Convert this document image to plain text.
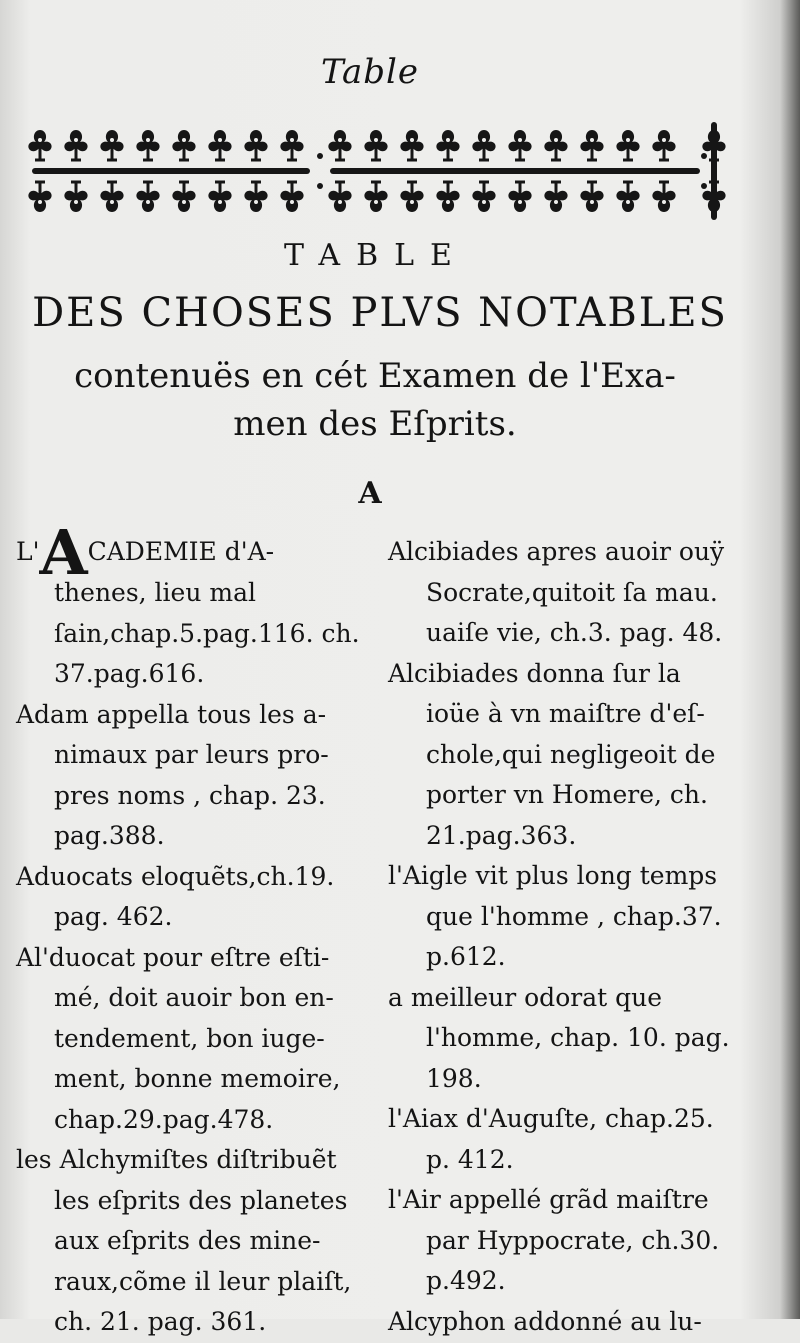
Table
TABLE
DES CHOSES PLVS NOTABLES
contenuës en cét Examen de l'Exa-
men des Eſprits.
A

L'ACADEMIE d'A-
thenes, lieu mal
ſain,chap.5.pag.116. ch.
37.pag.616.

Adam appella tous les a-
nimaux par leurs pro-
pres noms , chap. 23.
pag.388.

Aduocats eloquẽts,ch.19.
pag. 462.

Al'duocat pour eſtre eſti-
mé, doit auoir bon en-
tendement, bon iuge-
ment, bonne memoire,
chap.29.pag.478.

les Alchymiſtes diſtribuẽt
les eſprits des planetes
aux eſprits des mine-
raux,cõme il leur plaiſt,
ch. 21. pag. 361.

Alcibiades apres auoir ouÿ
Socrate,quitoit ſa mau.
uaiſe vie, ch.3. pag. 48.

Alcibiades donna ſur la
ioüe à vn maiſtre d'eſ-
chole,qui negligeoit de
porter vn Homere, ch.
21.pag.363.

l'Aigle vit plus long temps
que l'homme , chap.37.
p.612.

a meilleur odorat que
l'homme, chap. 10. pag.
198.

l'Aiax d'Auguſte, chap.25.
p. 412.

l'Air appellé grãd maiſtre
par Hyppocrate, ch.30.
p.492.

Alcyphon addonné au lu-
